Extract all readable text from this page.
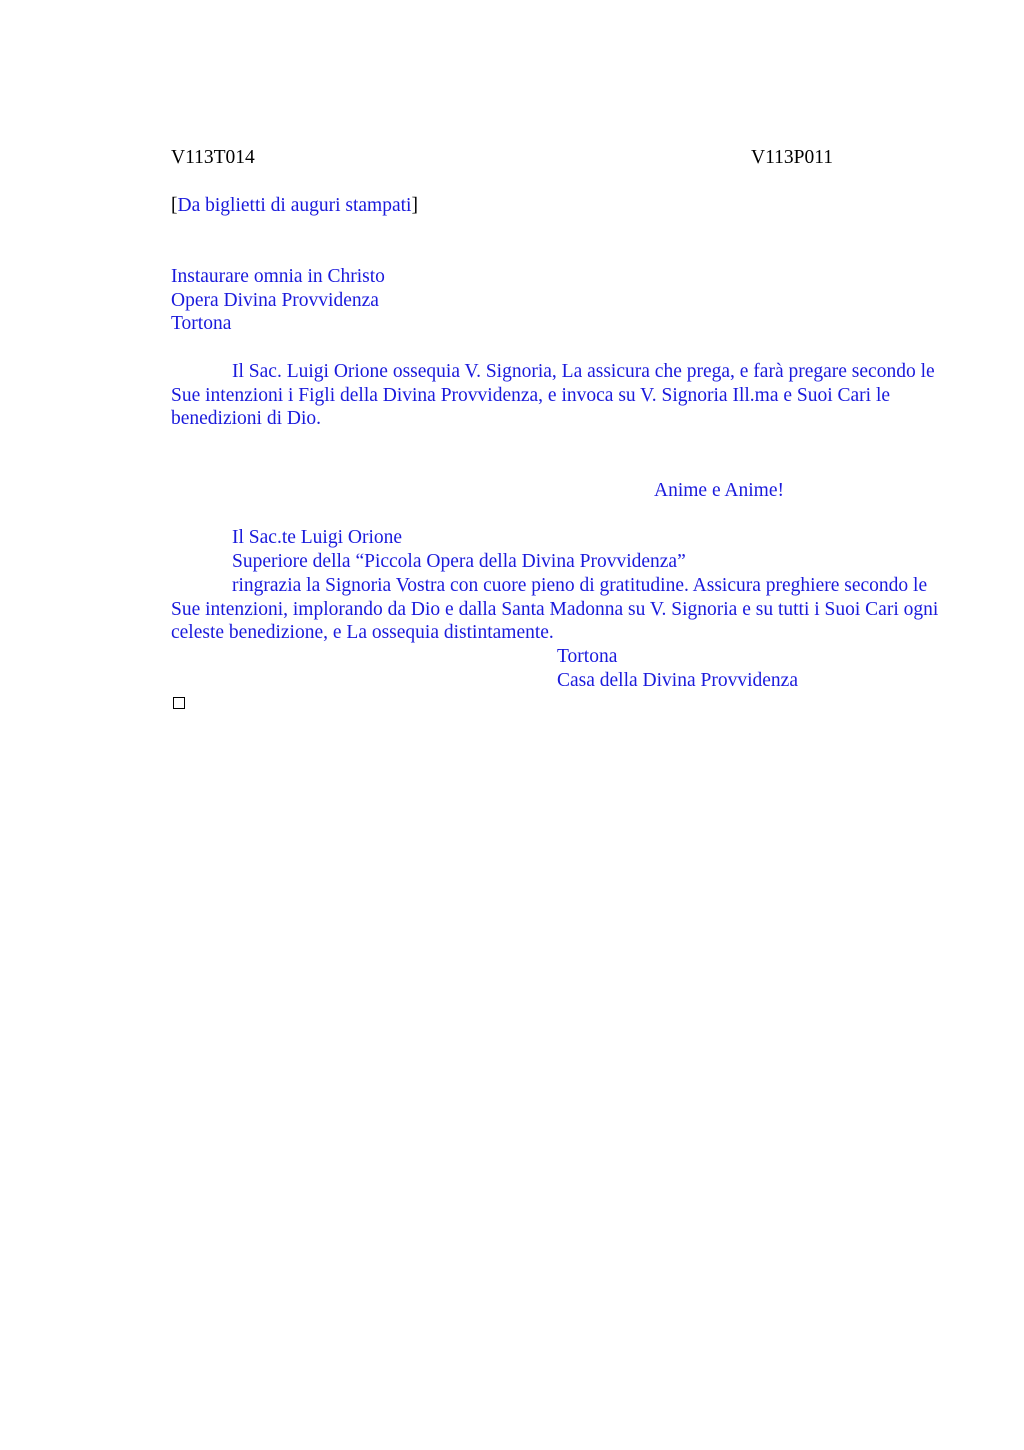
V113T014	V113P011
[Da biglietti di auguri stampati]
Instaurare omnia in Christo
Opera Divina Provvidenza
Tortona
Il Sac. Luigi Orione ossequia V. Signoria, La assicura che prega, e farà pregare secondo le Sue intenzioni i Figli della Divina Provvidenza, e invoca su V. Signoria Ill.ma e Suoi Cari le benedizioni di Dio.
Anime e Anime!
Il Sac.te Luigi Orione
Superiore della “Piccola Opera della Divina Provvidenza”
ringrazia la Signoria Vostra con cuore pieno di gratitudine. Assicura preghiere secondo le Sue intenzioni, implorando da Dio e dalla Santa Madonna su V. Signoria e su tutti i Suoi Cari ogni celeste benedizione, e La ossequia distintamente.
Tortona
Casa della Divina Provvidenza
